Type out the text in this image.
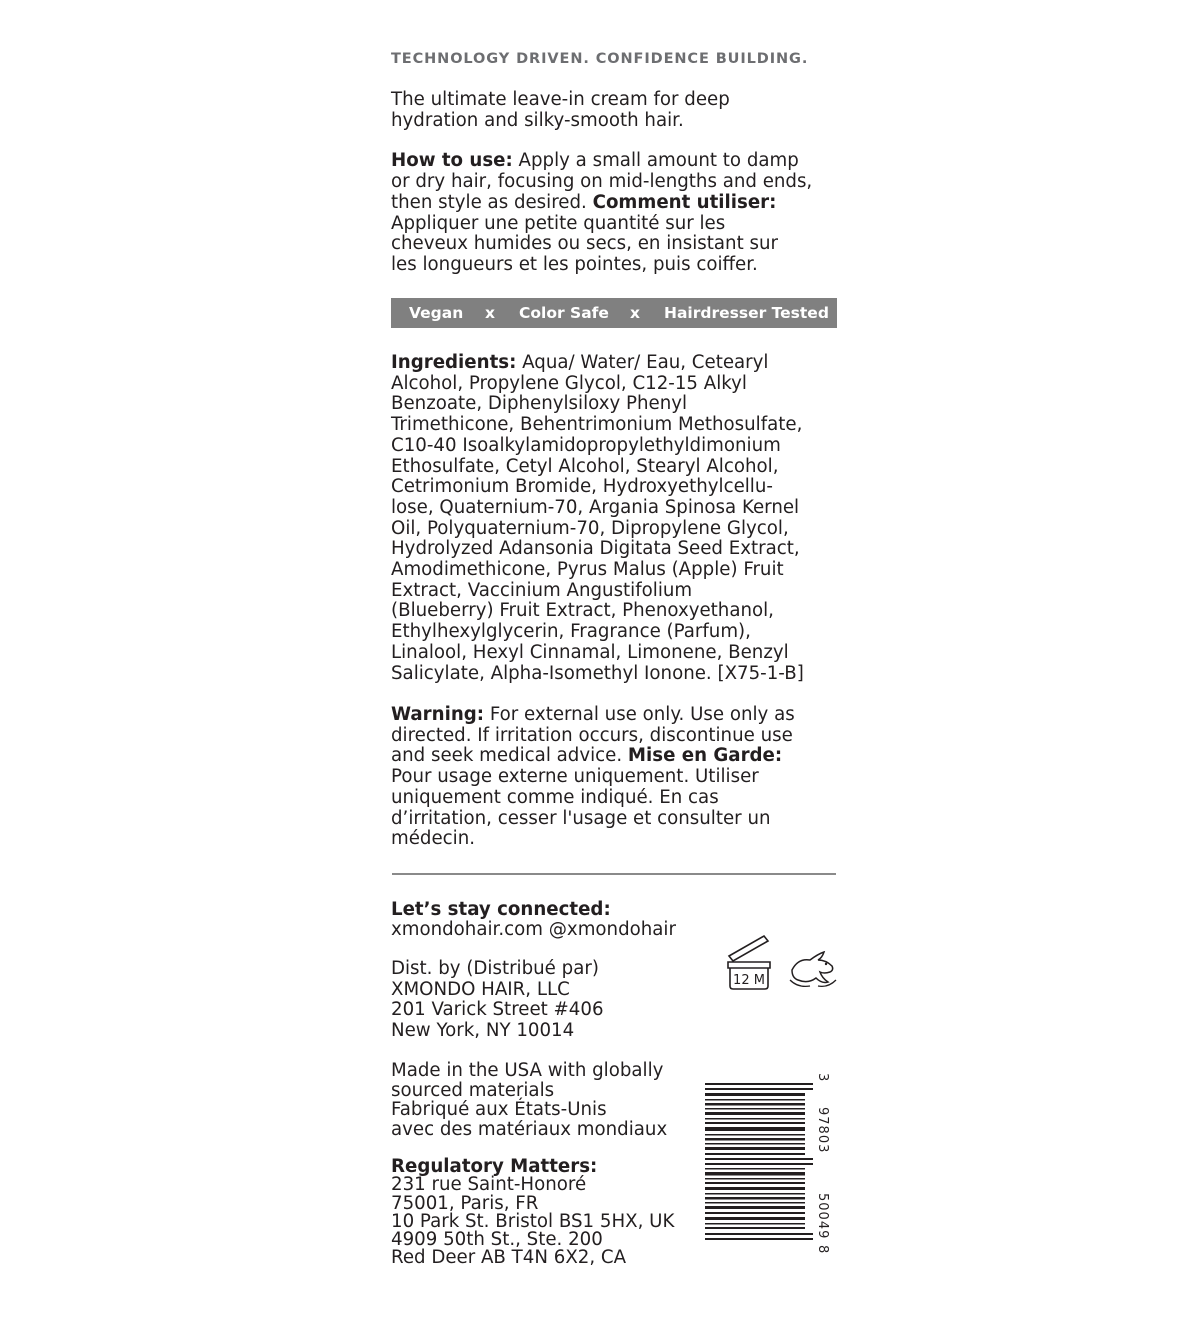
TECHNOLOGY DRIVEN. CONFIDENCE BUILDING.

The ultimate leave-in cream for deep
hydration and silky-smooth hair.

How to use: Apply a small amount to damp
or dry hair, focusing on mid-lengths and ends,
then style as desired. Comment utiliser:
Appliquer une petite quantité sur les
cheveux humides ou secs, en insistant sur
les longueurs et les pointes, puis coiffer.

Vegan x Color Safe x Hairdresser Tested

Ingredients: Aqua/ Water/ Eau, Cetearyl
Alcohol, Propylene Glycol, C12-15 Alkyl
Benzoate, Diphenylsiloxy Phenyl
Trimethicone, Behentrimonium Methosulfate,
C10-40 Isoalkylamidopropylethyldimonium
Ethosulfate, Cetyl Alcohol, Stearyl Alcohol,
Cetrimonium Bromide, Hydroxyethylcellu-
lose, Quaternium-70, Argania Spinosa Kernel
Oil, Polyquaternium-70, Dipropylene Glycol,
Hydrolyzed Adansonia Digitata Seed Extract,
Amodimethicone, Pyrus Malus (Apple) Fruit
Extract, Vaccinium Angustifolium
(Blueberry) Fruit Extract, Phenoxyethanol,
Ethylhexylglycerin, Fragrance (Parfum),
Linalool, Hexyl Cinnamal, Limonene, Benzyl
Salicylate, Alpha-Isomethyl Ionone. [X75-1-B]

Warning: For external use only. Use only as
directed. If irritation occurs, discontinue use
and seek medical advice. Mise en Garde:
Pour usage externe uniquement. Utiliser
uniquement comme indiqué. En cas
d’irritation, cesser l'usage et consulter un
médecin.

Let’s stay connected:
xmondohair.com @xmondohair

Dist. by (Distribué par)
XMONDO HAIR, LLC
201 Varick Street #406
New York, NY 10014

Made in the USA with globally
sourced materials
Fabriqué aux États-Unis
avec des matériaux mondiaux

Regulatory Matters:
231 rue Saint-Honoré
75001, Paris, FR
10 Park St. Bristol BS1 5HX, UK
4909 50th St., Ste. 200
Red Deer AB T4N 6X2, CA

12 M
8
50049
97803
3
